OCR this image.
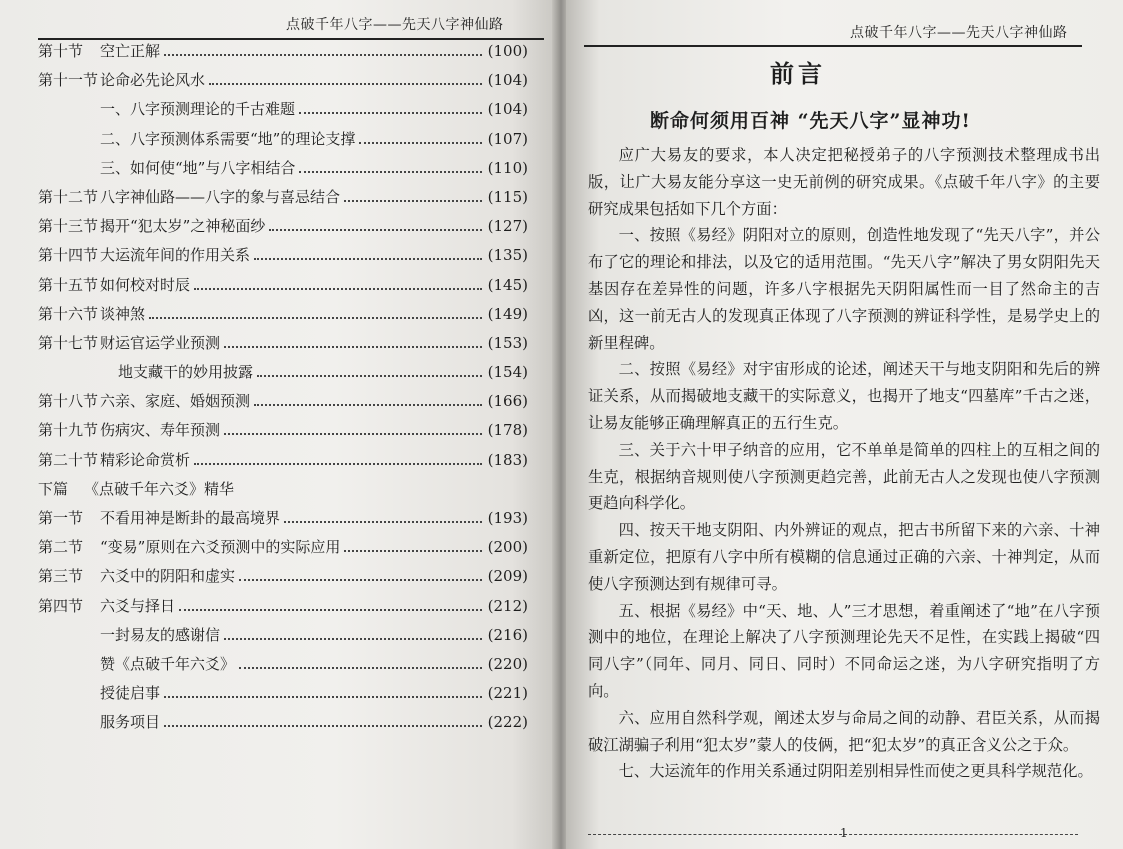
点破千年八字——先天八字神仙路
第十节	空亡正解	(100)
第十一节 论命必先论风水	(104)
一、八字预测理论的千古难题	(104)
二、八字预测体系需要“地”的理论支撑	(107)
三、如何使“地”与八字相结合	(110)
第十二节 八字神仙路——八字的象与喜忌结合	(115)
第十三节 揭开“犯太岁”之神秘面纱	(127)
第十四节 大运流年间的作用关系	(135)
第十五节 如何校对时辰	(145)
第十六节 谈神煞	(149)
第十七节 财运官运学业预测	(153)
地支藏干的妙用披露	(154)
第十八节 六亲、家庭、婚姻预测	(166)
第十九节 伤病灾、寿年预测	(178)
第二十节 精彩论命赏析	(183)
下篇 《点破千年六爻》精华
第一节	不看用神是断卦的最高境界	(193)
第二节	“变易”原则在六爻预测中的实际应用	(200)
第三节	六爻中的阴阳和虚实	(209)
第四节	六爻与择日	(212)
一封易友的感谢信	(216)
赞《点破千年六爻》	(220)
授徒启事	(221)
服务项目	(222)
点破千年八字——先天八字神仙路
前言
断命何须用百神 “先天八字”显神功!

应广大易友的要求，本人决定把秘授弟子的八字预测技术整理成书出版，让广大易友能分享这一史无前例的研究成果。《点破千年八字》的主要研究成果包括如下几个方面：

一、按照《易经》阴阳对立的原则，创造性地发现了“先天八字”，并公布了它的理论和排法，以及它的适用范围。“先天八字”解决了男女阴阳先天基因存在差异性的问题，许多八字根据先天阴阳属性而一目了然命主的吉凶，这一前无古人的发现真正体现了八字预测的辨证科学性，是易学史上的新里程碑。

二、按照《易经》对宇宙形成的论述，阐述天干与地支阴阳和先后的辨证关系，从而揭破地支藏干的实际意义，也揭开了地支“四墓库”千古之迷，让易友能够正确理解真正的五行生克。

三、关于六十甲子纳音的应用，它不单单是简单的四柱上的互相之间的生克，根据纳音规则使八字预测更趋完善，此前无古人之发现也使八字预测更趋向科学化。

四、按天干地支阴阳、内外辨证的观点，把古书所留下来的六亲、十神重新定位，把原有八字中所有模糊的信息通过正确的六亲、十神判定，从而使八字预测达到有规律可寻。

五、根据《易经》中“天、地、人”三才思想，着重阐述了“地”在八字预测中的地位，在理论上解决了八字预测理论先天不足性，在实践上揭破“四同八字”（同年、同月、同日、同时）不同命运之迷，为八字研究指明了方向。

六、应用自然科学观，阐述太岁与命局之间的动静、君臣关系，从而揭破江湖骗子利用“犯太岁”蒙人的伎俩，把“犯太岁”的真正含义公之于众。

七、大运流年的作用关系通过阴阳差别相异性而使之更具科学规范化。

1
